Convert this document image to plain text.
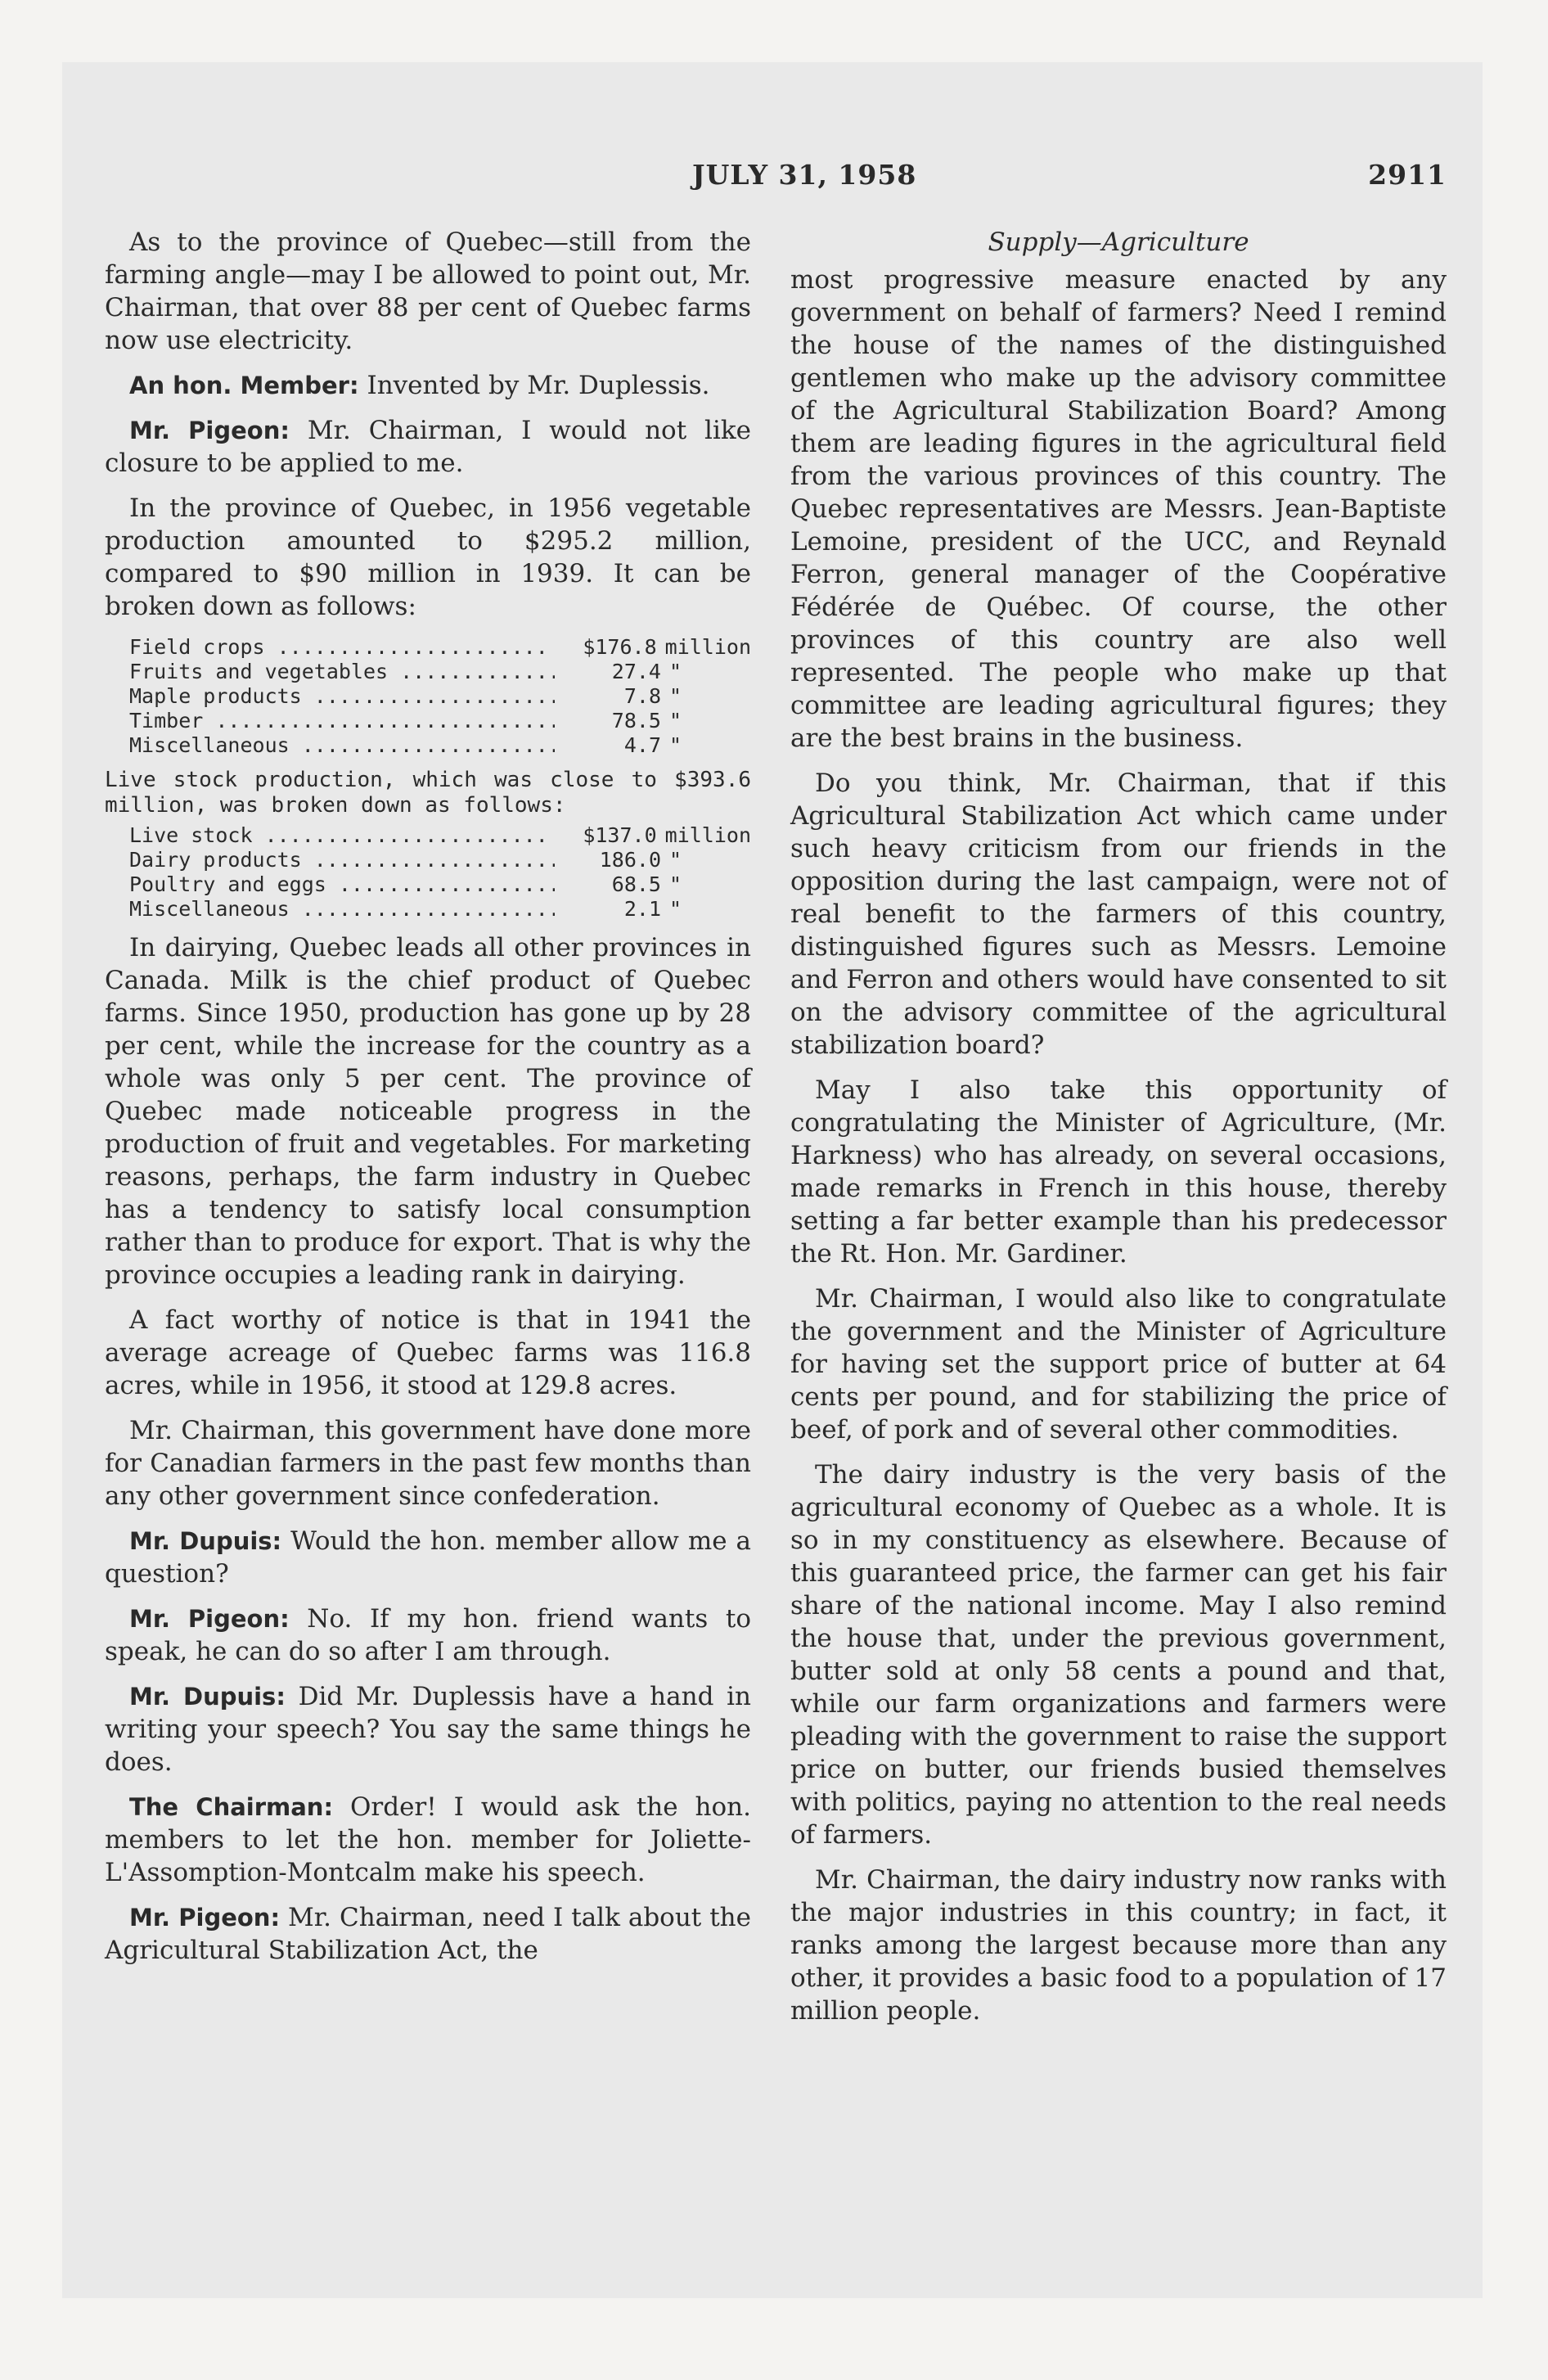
JULY 31, 1958	2911

As to the province of Quebec—still from the farming angle—may I be allowed to point out, Mr. Chairman, that over 88 per cent of Quebec farms now use electricity.

An hon. Member: Invented by Mr. Duplessis.

Mr. Pigeon: Mr. Chairman, I would not like closure to be applied to me.

In the province of Quebec, in 1956 vegetable production amounted to $295.2 million, compared to $90 million in 1939. It can be broken down as follows:

Field crops .....	$176.8 million
Fruits and vegetables .....	27.4 "
Maple products .....	7.8 "
Timber .....	78.5 "
Miscellaneous .....	4.7 "
Live stock production, which was close to $393.6 million, was broken down as follows:
Live stock .....	$137.0 million
Dairy products .....	186.0 "
Poultry and eggs .....	68.5 "
Miscellaneous .....	2.1 "

In dairying, Quebec leads all other provinces in Canada. Milk is the chief product of Quebec farms. Since 1950, production has gone up by 28 per cent, while the increase for the country as a whole was only 5 per cent. The province of Quebec made noticeable progress in the production of fruit and vegetables. For marketing reasons, perhaps, the farm industry in Quebec has a tendency to satisfy local consumption rather than to produce for export. That is why the province occupies a leading rank in dairying.

A fact worthy of notice is that in 1941 the average acreage of Quebec farms was 116.8 acres, while in 1956, it stood at 129.8 acres.

Mr. Chairman, this government have done more for Canadian farmers in the past few months than any other government since confederation.

Mr. Dupuis: Would the hon. member allow me a question?

Mr. Pigeon: No. If my hon. friend wants to speak, he can do so after I am through.

Mr. Dupuis: Did Mr. Duplessis have a hand in writing your speech? You say the same things he does.

The Chairman: Order! I would ask the hon. members to let the hon. member for Joliette-L'Assomption-Montcalm make his speech.

Mr. Pigeon: Mr. Chairman, need I talk about the Agricultural Stabilization Act, the

Supply—Agriculture

most progressive measure enacted by any government on behalf of farmers? Need I remind the house of the names of the distinguished gentlemen who make up the advisory committee of the Agricultural Stabilization Board? Among them are leading figures in the agricultural field from the various provinces of this country. The Quebec representatives are Messrs. Jean-Baptiste Lemoine, president of the UCC, and Reynald Ferron, general manager of the Coopérative Fédérée de Québec. Of course, the other provinces of this country are also well represented. The people who make up that committee are leading agricultural figures; they are the best brains in the business.

Do you think, Mr. Chairman, that if this Agricultural Stabilization Act which came under such heavy criticism from our friends in the opposition during the last campaign, were not of real benefit to the farmers of this country, distinguished figures such as Messrs. Lemoine and Ferron and others would have consented to sit on the advisory committee of the agricultural stabilization board?

May I also take this opportunity of congratulating the Minister of Agriculture, (Mr. Harkness) who has already, on several occasions, made remarks in French in this house, thereby setting a far better example than his predecessor the Rt. Hon. Mr. Gardiner.

Mr. Chairman, I would also like to congratulate the government and the Minister of Agriculture for having set the support price of butter at 64 cents per pound, and for stabilizing the price of beef, of pork and of several other commodities.

The dairy industry is the very basis of the agricultural economy of Quebec as a whole. It is so in my constituency as elsewhere. Because of this guaranteed price, the farmer can get his fair share of the national income. May I also remind the house that, under the previous government, butter sold at only 58 cents a pound and that, while our farm organizations and farmers were pleading with the government to raise the support price on butter, our friends busied themselves with politics, paying no attention to the real needs of farmers.

Mr. Chairman, the dairy industry now ranks with the major industries in this country; in fact, it ranks among the largest because more than any other, it provides a basic food to a population of 17 million people.
